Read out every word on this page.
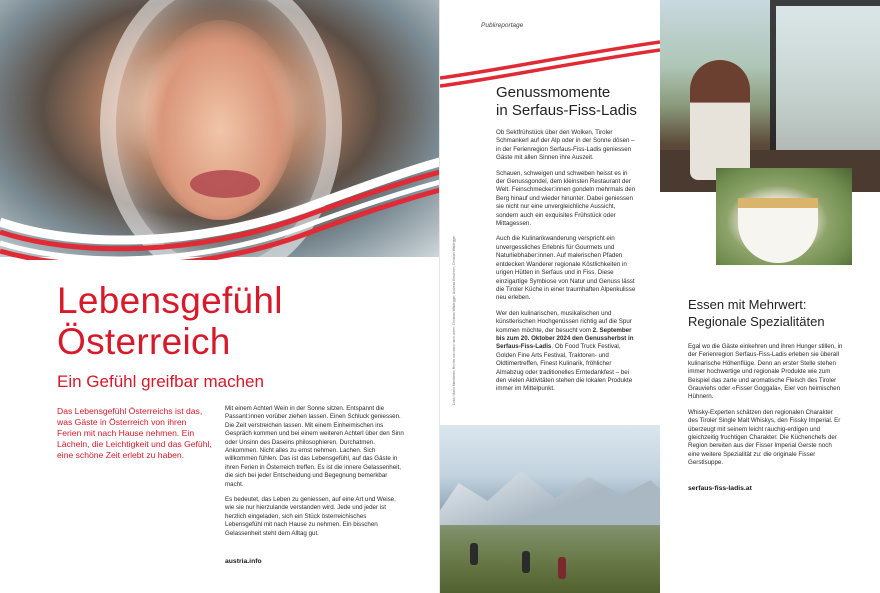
Lebensgefühl
Österreich
Ein Gefühl greifbar machen

Das Lebensgefühl Österreichs ist das, was Gäste in Österreich von ihren Ferien mit nach Hause nehmen. Ein Lächeln, die Leichtigkeit und das Gefühl, eine schöne Zeit erlebt zu haben.

Mit einem Achterl Wein in der Sonne sitzen. Entspannt die Passant:innen vorüber ziehen lassen. Einen Schluck geniessen. Die Zeit verstreichen lassen. Mit einem Einheimischen ins Gespräch kommen und bei einem weiteren Achterl über den Sinn oder Unsinn des Daseins philosophieren. Durchatmen. Ankommen. Nicht alles zu ernst nehmen. Lachen. Sich willkommen fühlen. Das ist das Lebensgefühl, auf das Gäste in ihren Ferien in Österreich treffen. Es ist die innere Gelassenheit, die sich bei jeder Entscheidung und Begegnung bemerkbar macht.

Es bedeutet, das Leben zu geniessen, auf eine Art und Weise, wie sie nur hierzulande verstanden wird. Jede und jeder ist herzlich eingeladen, sich ein Stück österreichisches Lebensgefühl mit nach Hause zu nehmen. Ein bisschen Gelassenheit steht dem Alltag gut.

austria.info

Links: Mario Mandanek; Rechts von oben nach unten: Christian Waldegger, Andreas Kirschner, Christian Waldegger

Publireportage

Genussmomente
in Serfaus-Fiss-Ladis

Ob Sektfrühstück über den Wolken, Tiroler Schmankerl auf der Alp oder in der Sonne dösen – in der Ferienregion Serfaus-Fiss-Ladis geniessen Gäste mit allen Sinnen ihre Auszeit.

Schauen, schweigen und schweben heisst es in der Genussgondel, dem kleinsten Restaurant der Welt. Feinschmecker:innen gondeln mehrmals den Berg hinauf und wieder hinunter. Dabei geniessen sie nicht nur eine unvergleichliche Aussicht, sondern auch ein exquisites Frühstück oder Mittagessen.

Auch die Kulinarikwanderung verspricht ein unvergessliches Erlebnis für Gourmets und Naturliebhaber:innen. Auf malerischen Pfaden entdecken Wanderer regionale Köstlichkeiten in urigen Hütten in Serfaus und in Fiss. Diese einzigartige Symbiose von Natur und Genuss lässt die Tiroler Küche in einer traumhaften Alpenkulisse neu erleben.

Wer den kulinarischen, musikalischen und künstlerischen Hochgenüssen richtig auf die Spur kommen möchte, der besucht vom 2. September bis zum 20. Oktober 2024 den Genussherbst in Serfaus-Fiss-Ladis. Ob Food Truck Festival, Golden Fine Arts Festival, Traktoren- und Oldtimertreffen, Finest Kulinarik, fröhlicher Almabzug oder traditionelles Erntedankfest – bei den vielen Aktivitäten stehen die lokalen Produkte immer im Mittelpunkt.

Essen mit Mehrwert:
Regionale Spezialitäten

Egal wo die Gäste einkehren und ihren Hunger stillen, in der Ferienregion Serfaus-Fiss-Ladis erleben sie überall kulinarische Höhenflüge. Denn an erster Stelle stehen immer hochwertige und regionale Produkte wie zum Beispiel das zarte und aromatische Fleisch des Tiroler Grauviehs oder «Fisser Goggala», Eier von heimischen Hühnern.

Whisky-Experten schätzen den regionalen Charakter des Tiroler Single Malt Whiskys, den Fissky Imperial. Er überzeugt mit seinem leicht rauchig-erdigen und gleichzeitig fruchtigen Charakter. Die Küchenchefs der Region bereiten aus der Fisser Imperial Gerste noch eine weitere Spezialität zu: die originale Fisser Gerstlsuppe.

serfaus-fiss-ladis.at
